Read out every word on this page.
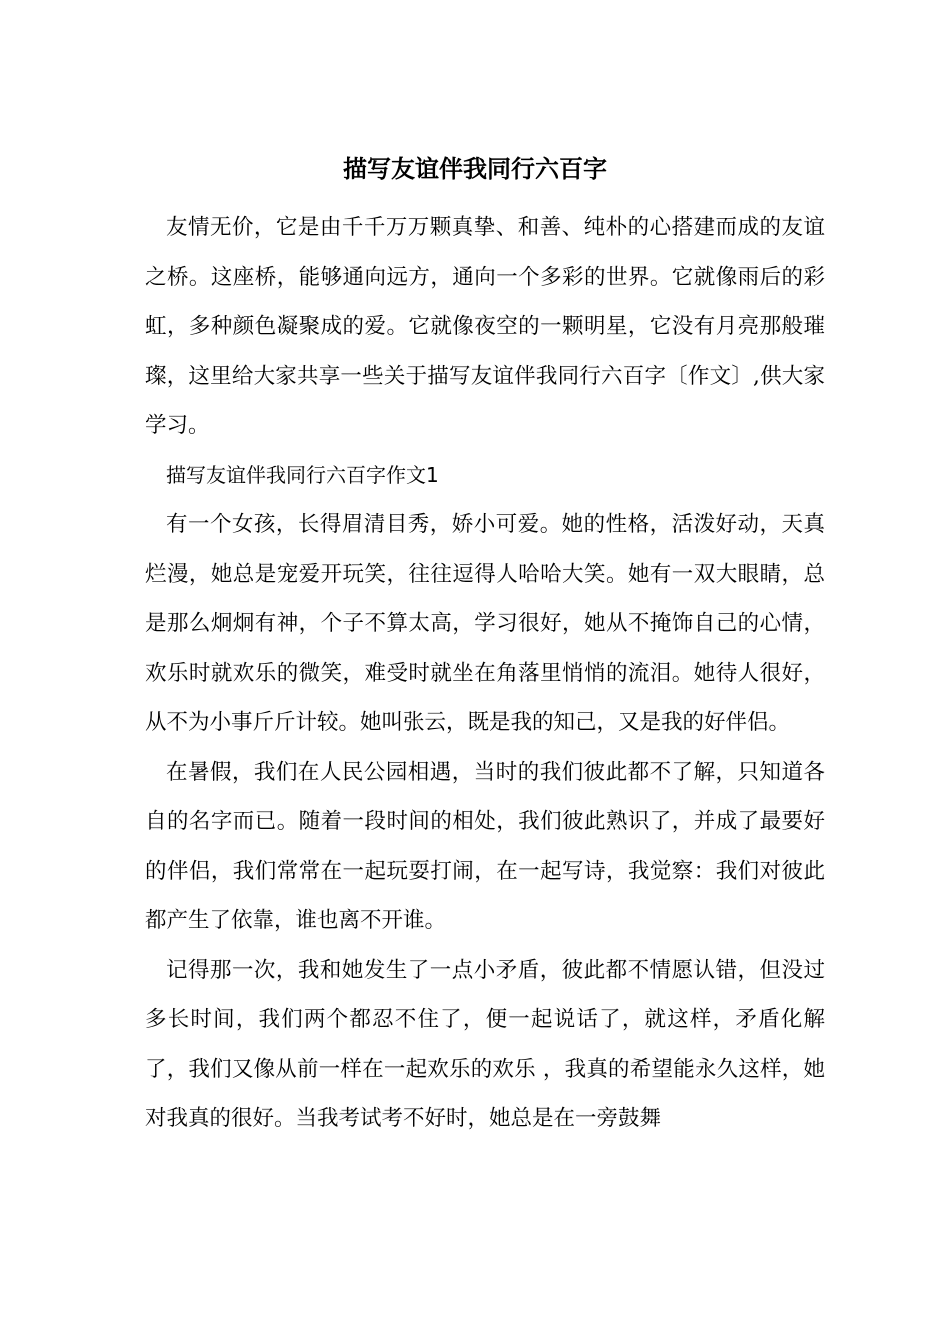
描写友谊伴我同行六百字

友情无价，它是由千千万万颗真挚、和善、纯朴的心搭建而成的友谊之桥。这座桥，能够通向远方，通向一个多彩的世界。它就像雨后的彩虹，多种颜色凝聚成的爱。它就像夜空的一颗明星，它没有月亮那般璀璨，这里给大家共享一些关于描写友谊伴我同行六百字〔作文〕,供大家学习。

描写友谊伴我同行六百字作文1

有一个女孩，长得眉清目秀，娇小可爱。她的性格，活泼好动，天真烂漫，她总是宠爱开玩笑，往往逗得人哈哈大笑。她有一双大眼睛，总是那么炯炯有神，个子不算太高，学习很好，她从不掩饰自己的心情，欢乐时就欢乐的微笑，难受时就坐在角落里悄悄的流泪。她待人很好，从不为小事斤斤计较。她叫张云，既是我的知己，又是我的好伴侣。

在暑假，我们在人民公园相遇，当时的我们彼此都不了解，只知道各自的名字而已。随着一段时间的相处，我们彼此熟识了，并成了最要好的伴侣，我们常常在一起玩耍打闹，在一起写诗，我觉察：我们对彼此都产生了依靠，谁也离不开谁。

记得那一次，我和她发生了一点小矛盾，彼此都不情愿认错，但没过多长时间，我们两个都忍不住了，便一起说话了，就这样，矛盾化解了，我们又像从前一样在一起欢乐的欢乐 ，我真的希望能永久这样，她对我真的很好。当我考试考不好时，她总是在一旁鼓舞
